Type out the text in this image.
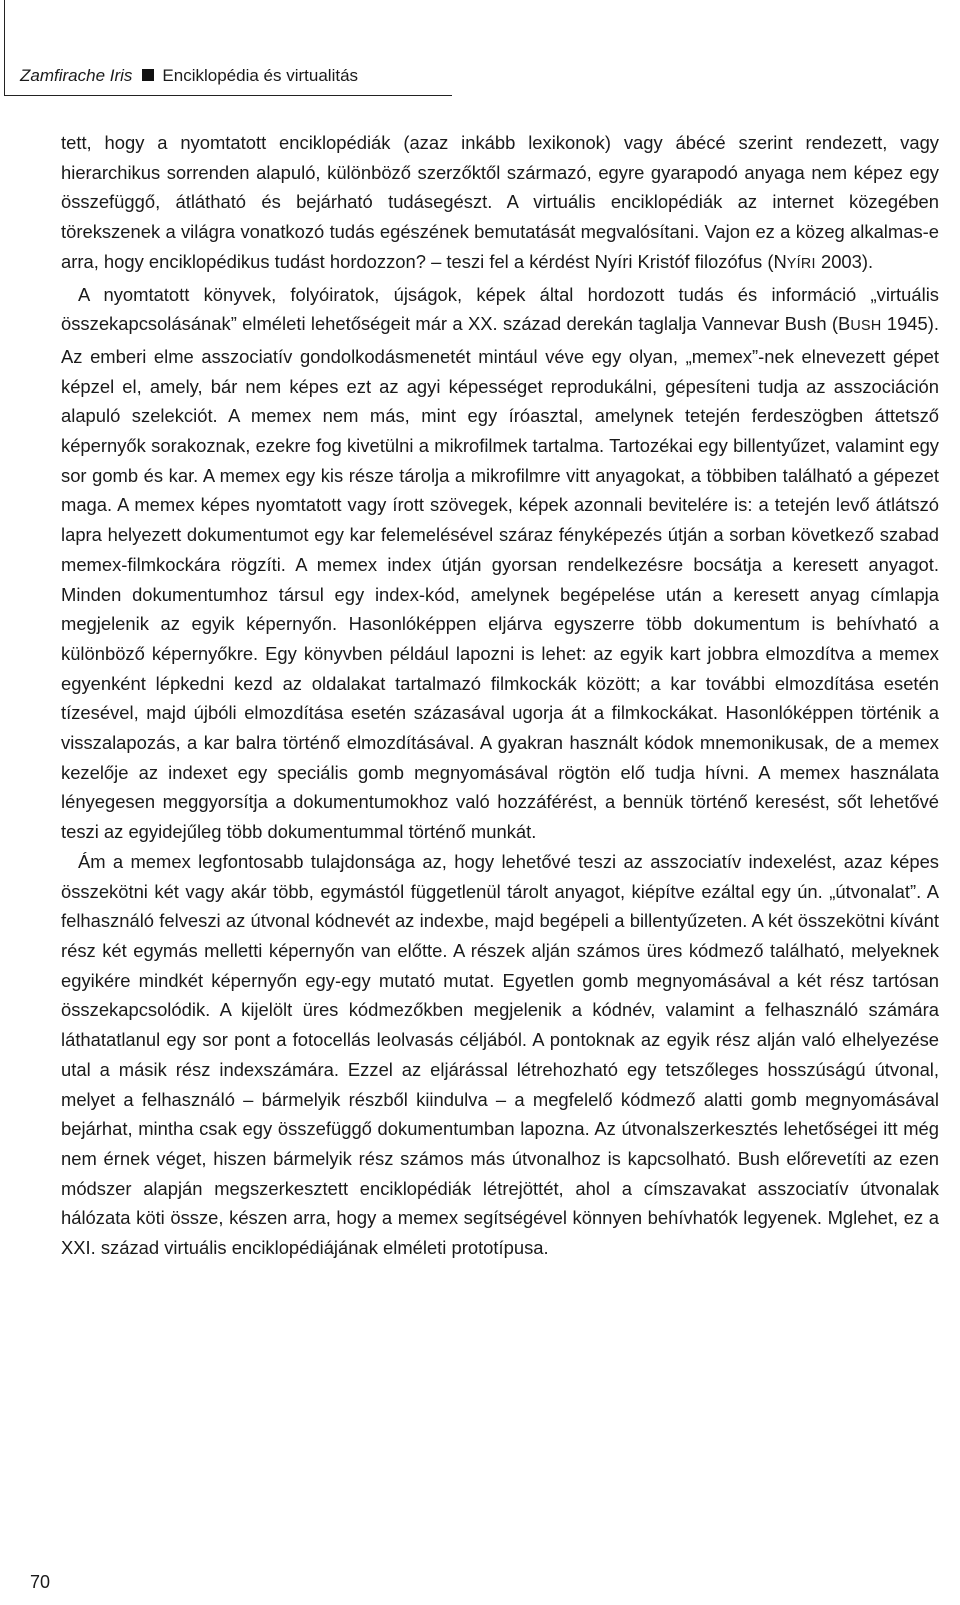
Zamfirache Iris Enciklopédia és virtualitás

tett, hogy a nyomtatott enciklopédiák (azaz inkább lexikonok) vagy ábécé szerint rendezett, vagy hierarchikus sorrenden alapuló, különböző szerzőktől származó, egyre gyarapodó anyaga nem képez egy összefüggő, átlátható és bejárható tudásegészt. A virtuális enciklopédiák az internet közegében törekszenek a világra vonatkozó tudás egészének bemutatását megvalósítani. Vajon ez a közeg alkalmas-e arra, hogy enciklopédikus tudást hordozzon? – teszi fel a kérdést Nyíri Kristóf filozófus (NYÍRI 2003).

A nyomtatott könyvek, folyóiratok, újságok, képek által hordozott tudás és információ „virtuális összekapcsolásának” elméleti lehetőségeit már a XX. század derekán taglalja Vannevar Bush (BUSH 1945). Az emberi elme asszociatív gondolkodásmenetét mintául véve egy olyan, „memex”-nek elnevezett gépet képzel el, amely, bár nem képes ezt az agyi képességet reprodukálni, gépesíteni tudja az asszociáción alapuló szelekciót. A memex nem más, mint egy íróasztal, amelynek tetején ferdeszögben áttetsző képernyők sorakoznak, ezekre fog kivetülni a mikrofilmek tartalma. Tartozékai egy billentyűzet, valamint egy sor gomb és kar. A memex egy kis része tárolja a mikrofilmre vitt anyagokat, a többiben található a gépezet maga. A memex képes nyomtatott vagy írott szövegek, képek azonnali bevitelére is: a tetején levő átlátszó lapra helyezett dokumentumot egy kar felemelésével száraz fényképezés útján a sorban következő szabad memex-filmkockára rögzíti. A memex index útján gyorsan rendelkezésre bocsátja a keresett anyagot. Minden dokumentumhoz társul egy index-kód, amelynek begépelése után a keresett anyag címlapja megjelenik az egyik képernyőn. Hasonlóképpen eljárva egyszerre több dokumentum is behívható a különböző képernyőkre. Egy könyvben például lapozni is lehet: az egyik kart jobbra elmozdítva a memex egyenként lépkedni kezd az oldalakat tartalmazó filmkockák között; a kar további elmozdítása esetén tízesével, majd újbóli elmozdítása esetén százasával ugorja át a filmkockákat. Hasonlóképpen történik a visszalapozás, a kar balra történő elmozdításával. A gyakran használt kódok mnemonikusak, de a memex kezelője az indexet egy speciális gomb megnyomásával rögtön elő tudja hívni. A memex használata lényegesen meggyorsítja a dokumentumokhoz való hozzáférést, a bennük történő keresést, sőt lehetővé teszi az egyidejűleg több dokumentummal történő munkát.

Ám a memex legfontosabb tulajdonsága az, hogy lehetővé teszi az asszociatív indexelést, azaz képes összekötni két vagy akár több, egymástól függetlenül tárolt anyagot, kiépítve ezáltal egy ún. „útvonalat”. A felhasználó felveszi az útvonal kódnevét az indexbe, majd begépeli a billentyűzeten. A két összekötni kívánt rész két egymás melletti képernyőn van előtte. A részek alján számos üres kódmező található, melyeknek egyikére mindkét képernyőn egy-egy mutató mutat. Egyetlen gomb megnyomásával a két rész tartósan összekapcsolódik. A kijelölt üres kódmezőkben megjelenik a kódnév, valamint a felhasználó számára láthatatlanul egy sor pont a fotocellás leolvasás céljából. A pontoknak az egyik rész alján való elhelyezése utal a másik rész indexszámára. Ezzel az eljárással létrehozható egy tetszőleges hosszúságú útvonal, melyet a felhasználó – bármelyik részből kiindulva – a megfelelő kódmező alatti gomb megnyomásával bejárhat, mintha csak egy összefüggő dokumentumban lapozna. Az útvonalszerkesztés lehetőségei itt még nem érnek véget, hiszen bármelyik rész számos más útvonalhoz is kapcsolható. Bush előrevetíti az ezen módszer alapján megszerkesztett enciklopédiák létrejöttét, ahol a címszavakat asszociatív útvonalak hálózata köti össze, készen arra, hogy a memex segítségével könnyen behívhatók legyenek. Mglehet, ez a XXI. század virtuális enciklopédiájának elméleti prototípusa.

70
